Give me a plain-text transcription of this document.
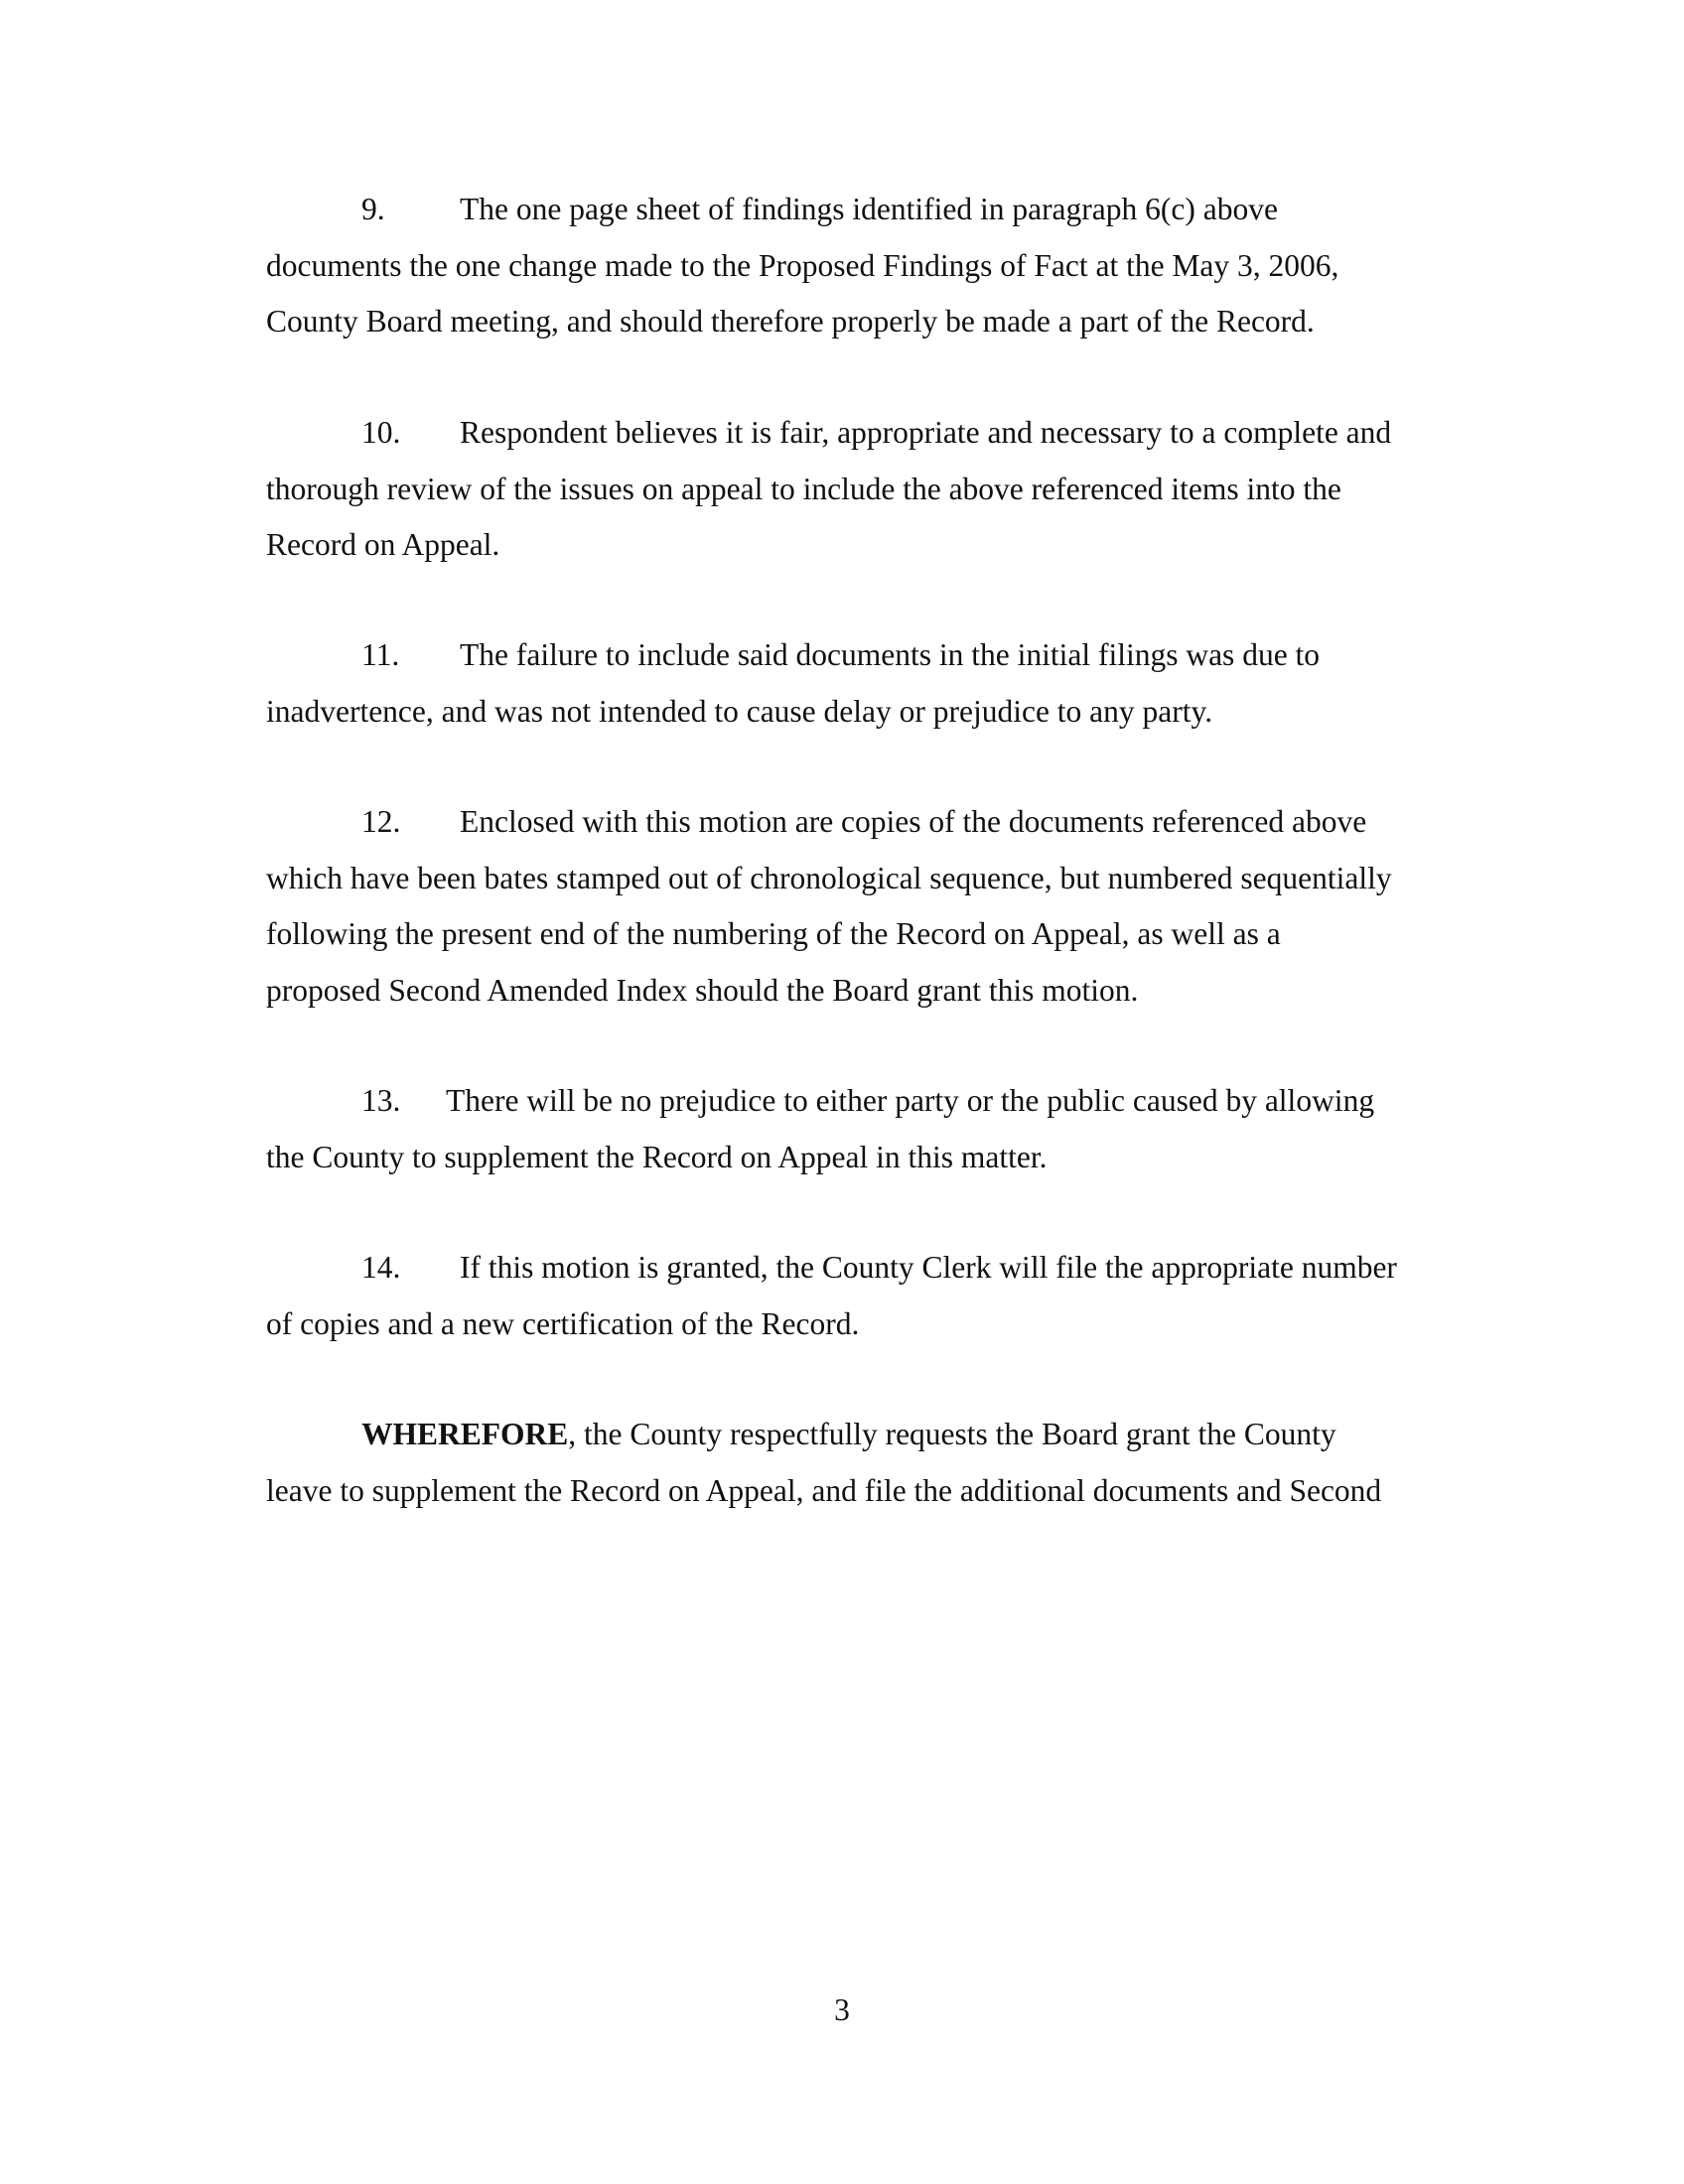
9. The one page sheet of findings identified in paragraph 6(c) above
documents the one change made to the Proposed Findings of Fact at the May 3, 2006,
County Board meeting, and should therefore properly be made a part of the Record.
10. Respondent believes it is fair, appropriate and necessary to a complete and
thorough review of the issues on appeal to include the above referenced items into the
Record on Appeal.
11. The failure to include said documents in the initial filings was due to
inadvertence, and was not intended to cause delay or prejudice to any party.
12. Enclosed with this motion are copies of the documents referenced above
which have been bates stamped out of chronological sequence, but numbered sequentially
following the present end of the numbering of the Record on Appeal, as well as a
proposed Second Amended Index should the Board grant this motion.
13. There will be no prejudice to either party or the public caused by allowing
the County to supplement the Record on Appeal in this matter.
14. If this motion is granted, the County Clerk will file the appropriate number
of copies and a new certification of the Record.
WHEREFORE, the County respectfully requests the Board grant the County
leave to supplement the Record on Appeal, and file the additional documents and Second
3
